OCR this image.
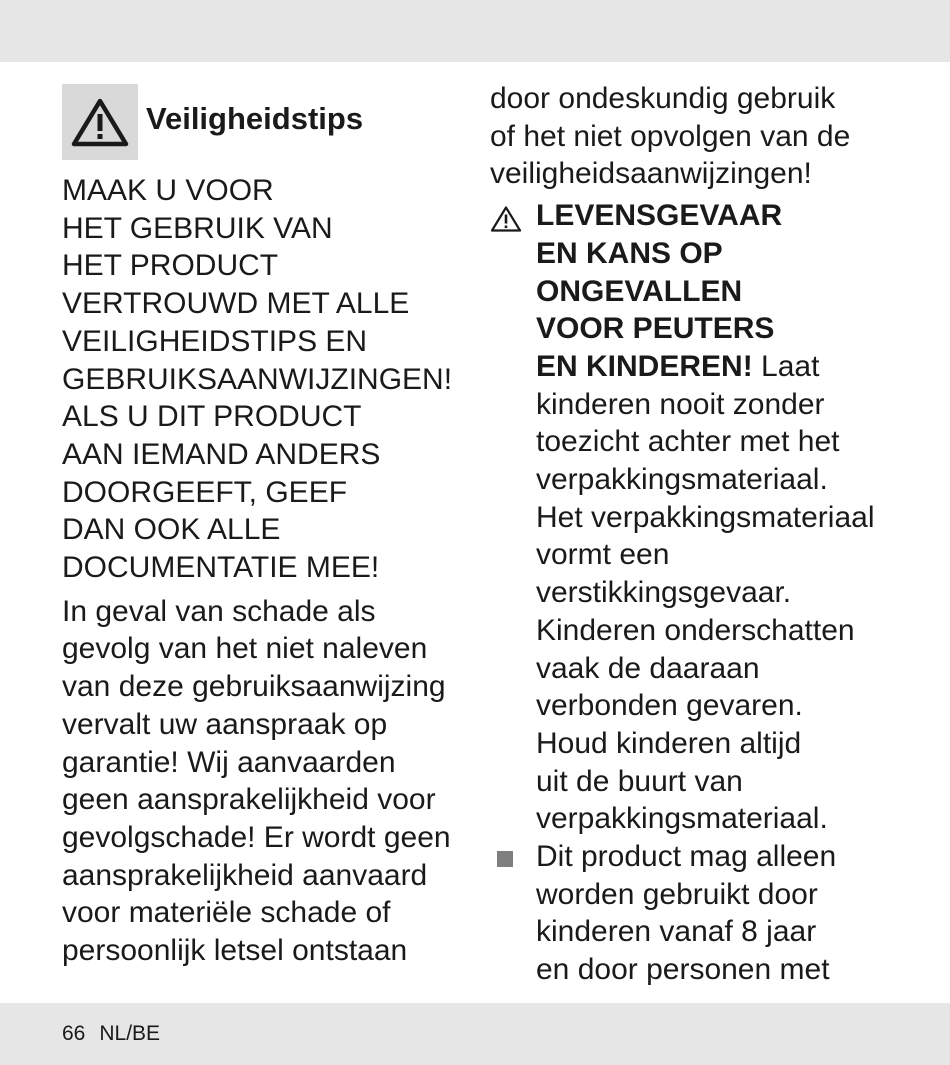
Veiligheidstips
MAAK U VOOR
HET GEBRUIK VAN
HET PRODUCT
VERTROUWD MET ALLE
VEILIGHEIDSTIPS EN
GEBRUIKSAANWIJZINGEN!
ALS U DIT PRODUCT
AAN IEMAND ANDERS
DOORGEEFT, GEEF
DAN OOK ALLE
DOCUMENTATIE MEE!
In geval van schade als
gevolg van het niet naleven
van deze gebruiksaanwijzing
vervalt uw aanspraak op
garantie! Wij aanvaarden
geen aansprakelijkheid voor
gevolgschade! Er wordt geen
aansprakelijkheid aanvaard
voor materiële schade of
persoonlijk letsel ontstaan
door ondeskundig gebruik
of het niet opvolgen van de
veiligheidsaanwijzingen!
LEVENSGEVAAR
EN KANS OP
ONGEVALLEN
VOOR PEUTERS
EN KINDEREN! Laat
kinderen nooit zonder
toezicht achter met het
verpakkingsmateriaal.
Het verpakkingsmateriaal
vormt een
verstikkingsgevaar.
Kinderen onderschatten
vaak de daaraan
verbonden gevaren.
Houd kinderen altijd
uit de buurt van
verpakkingsmateriaal.
Dit product mag alleen
worden gebruikt door
kinderen vanaf 8 jaar
en door personen met
66 NL/BE
